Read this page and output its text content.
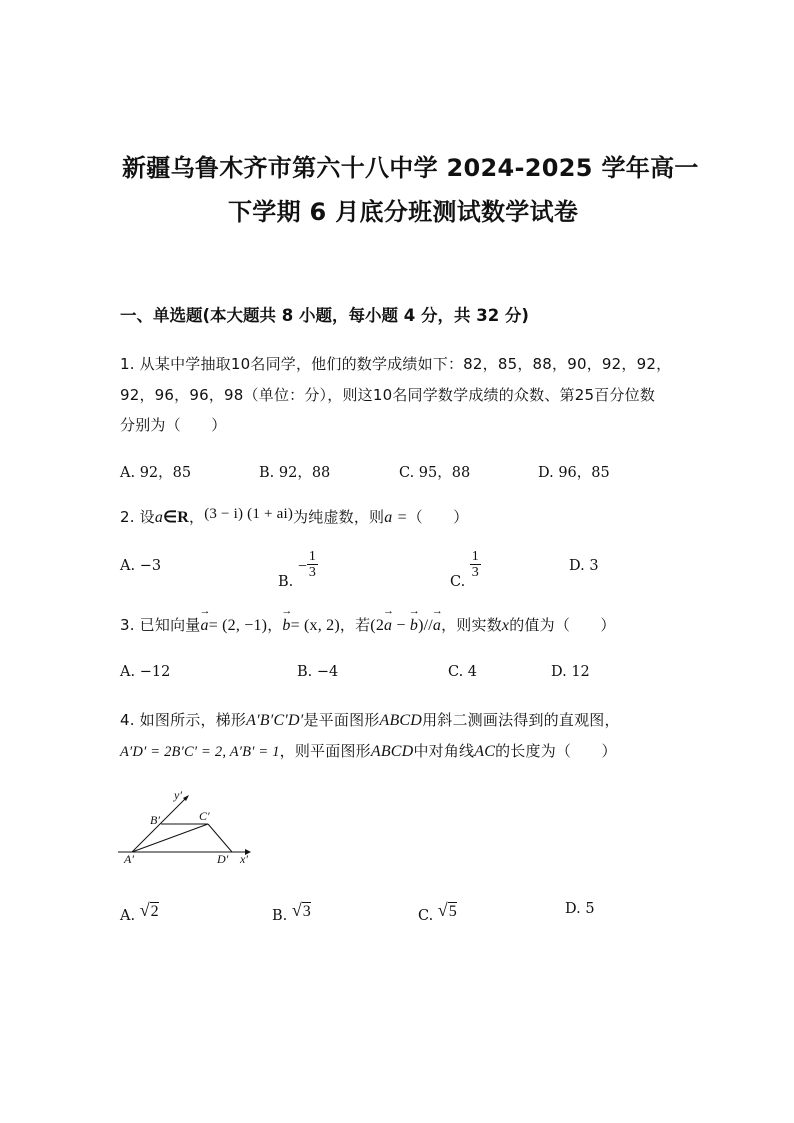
新疆乌鲁木齐市第六十八中学 2024-2025 学年高一
下学期 6 月底分班测试数学试卷
一、单选题(本大题共 8 小题，每小题 4 分，共 32 分)
1. 从某中学抽取10名同学，他们的数学成绩如下：82，85，88，90，92，92，
92，96，96，98（单位：分），则这10名同学数学成绩的众数、第25百分位数
分别为（　　）
A. 92，85	B. 92，88	C. 95，88	D. 96，85
2. 设a∈R，(3 − i) (1 + ai)为纯虚数，则a =（　　）
A. −3
B. − $\frac{1}{3}$
C.
$\frac{1}{3}$	D. 3
3. 已知向量→ a= (2, −1)，→ b= (x, 2)，若(2→ a − → b)//→ a，则实数x的值为（　　）
A. −12	B. −4	C. 4	D. 12
4. 如图所示，梯形A′B′C′D′是平面图形ABCD用斜二测画法得到的直观图，
A′D′ = 2B′C′ = 2, A′B′ = 1，则平面图形ABCD中对角线AC的长度为（　　）
y′
B′	C′
A′	D′ x′
A. √2	B. √3	C. √5	D. 5
